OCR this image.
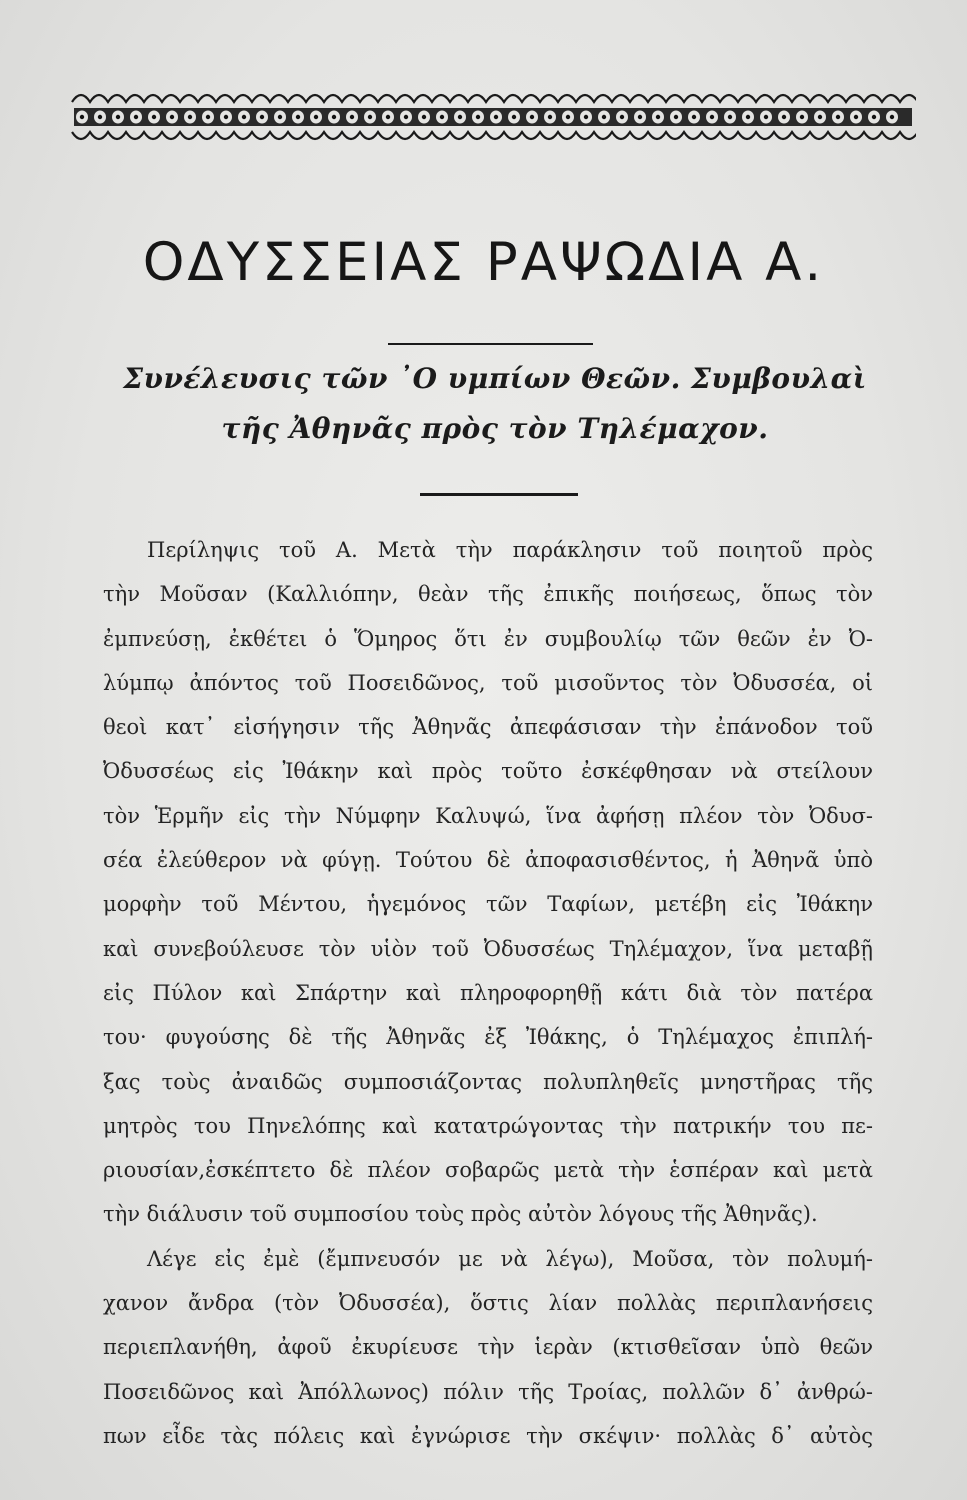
ΟΔΥΣΣΕΙΑΣ ΡΑΨΩΔΙΑ Α.
Συνέλευσις τῶν ᾿Ο υμπίων Θεῶν. Συμβουλαὶ
τῆς Ἀθηνᾶς πρὸς τὸν Τηλέμαχον.
Περίληψις τοῦ Α. Μετὰ τὴν παράκλησιν τοῦ ποιητοῦ πρὸς
τὴν Μοῦσαν (Καλλιόπην, θεὰν τῆς ἐπικῆς ποιήσεως, ὅπως τὸν
ἐμπνεύσῃ, ἐκθέτει ὁ Ὅμηρος ὅτι ἐν συμβουλίῳ τῶν θεῶν ἐν Ὀ-
λύμπῳ ἀπόντος τοῦ Ποσειδῶνος, τοῦ μισοῦντος τὸν Ὀδυσσέα, οἱ
θεοὶ κατ᾽ εἰσήγησιν τῆς Ἀθηνᾶς ἀπεφάσισαν τὴν ἐπάνοδον τοῦ
Ὀδυσσέως εἰς Ἰθάκην καὶ πρὸς τοῦτο ἐσκέφθησαν νὰ στείλουν
τὸν Ἑρμῆν εἰς τὴν Νύμφην Καλυψώ, ἵνα ἀφήσῃ πλέον τὸν Ὀδυσ-
σέα ἐλεύθερον νὰ φύγῃ. Τούτου δὲ ἀποφασισθέντος, ἡ Ἀθηνᾶ ὑπὸ
μορφὴν τοῦ Μέντου, ἡγεμόνος τῶν Ταφίων, μετέβη εἰς Ἰθάκην
καὶ συνεβούλευσε τὸν υἱὸν τοῦ Ὀδυσσέως Τηλέμαχον, ἵνα μεταβῇ
εἰς Πύλον καὶ Σπάρτην καὶ πληροφορηθῇ κάτι διὰ τὸν πατέρα
του· φυγούσης δὲ τῆς Ἀθηνᾶς ἐξ Ἰθάκης, ὁ Τηλέμαχος ἐπιπλή-
ξας τοὺς ἀναιδῶς συμποσιάζοντας πολυπληθεῖς μνηστῆρας τῆς
μητρὸς του Πηνελόπης καὶ κατατρώγοντας τὴν πατρικήν του πε-
ριουσίαν,ἐσκέπτετο δὲ πλέον σοβαρῶς μετὰ τὴν ἑσπέραν καὶ μετὰ
τὴν διάλυσιν τοῦ συμποσίου τοὺς πρὸς αὐτὸν λόγους τῆς Ἀθηνᾶς).
Λέγε εἰς ἐμὲ (ἔμπνευσόν με νὰ λέγω), Μοῦσα, τὸν πολυμή-
χανον ἄνδρα (τὸν Ὀδυσσέα), ὅστις λίαν πολλὰς περιπλανήσεις
περιεπλανήθη, ἀφοῦ ἐκυρίευσε τὴν ἱερὰν (κτισθεῖσαν ὑπὸ θεῶν
Ποσειδῶνος καὶ Ἀπόλλωνος) πόλιν τῆς Τροίας, πολλῶν δ᾽ ἀνθρώ-
πων εἶδε τὰς πόλεις καὶ ἐγνώρισε τὴν σκέψιν· πολλὰς δ᾽ αὐτὸς
